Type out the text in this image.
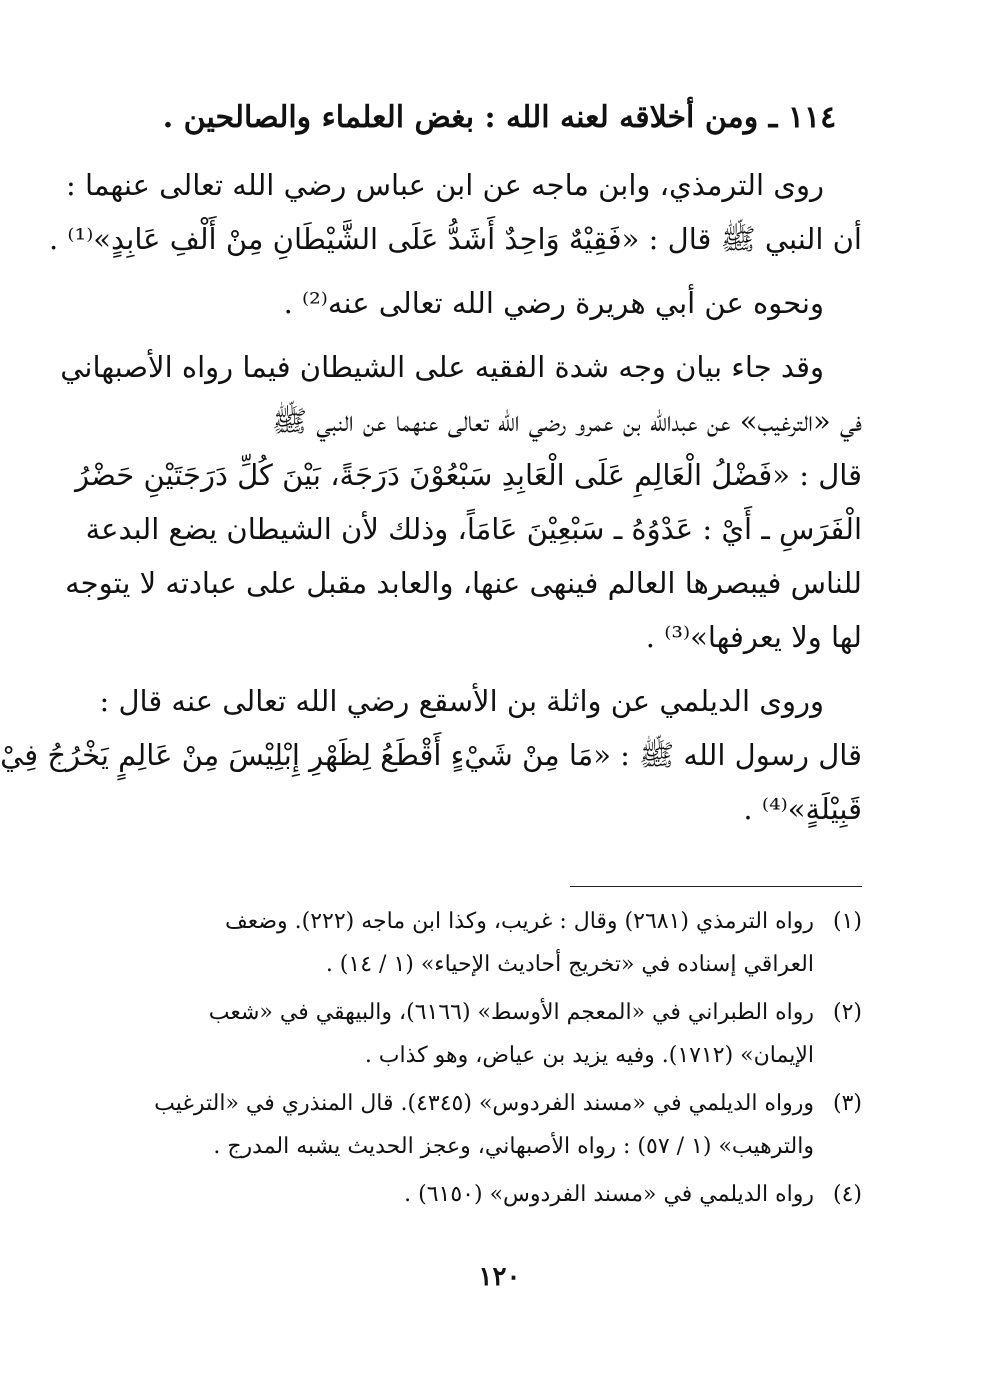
١١٤ ـ ومن أخلاقه لعنه الله : بغض العلماء والصالحين .

روى الترمذي، وابن ماجه عن ابن عباس رضي الله تعالى عنهما :
أن النبي ﷺ قال : «فَقِيْهٌ وَاحِدٌ أَشَدُّ عَلَى الشَّيْطَانِ مِنْ أَلْفِ عَابِدٍ»⁽¹⁾ .

ونحوه عن أبي هريرة رضي الله تعالى عنه⁽²⁾ .

وقد جاء بيان وجه شدة الفقيه على الشيطان فيما رواه الأصبهاني
في «الترغيب» عن عبدالله بن عمرو رضي الله تعالى عنهما عن النبي ﷺ
قال : «فَضْلُ الْعَالِمِ عَلَى الْعَابِدِ سَبْعُوْنَ دَرَجَةً، بَيْنَ كُلِّ دَرَجَتَيْنِ حَضْرُ
الْفَرَسِ ـ أَيْ : عَدْوُهُ ـ سَبْعِيْنَ عَامَاً، وذلك لأن الشيطان يضع البدعة
للناس فيبصرها العالم فينهى عنها، والعابد مقبل على عبادته لا يتوجه
لها ولا يعرفها»⁽³⁾ .

وروى الديلمي عن واثلة بن الأسقع رضي الله تعالى عنه قال :
قال رسول الله ﷺ : «مَا مِنْ شَيْءٍ أَقْطَعُ لِظَهْرِ إِبْلِيْسَ مِنْ عَالِمٍ يَخْرُجُ فِيْ
قَبِيْلَةٍ»⁽⁴⁾ .

(١)
رواه الترمذي (٢٦٨١) وقال : غريب، وكذا ابن ماجه (٢٢٢). وضعف
العراقي إسناده في «تخريج أحاديث الإحياء» (١ / ١٤) .
(٢)
رواه الطبراني في «المعجم الأوسط» (٦١٦٦)، والبيهقي في «شعب
الإيمان» (١٧١٢). وفيه يزيد بن عياض، وهو كذاب .
(٣)
ورواه الديلمي في «مسند الفردوس» (٤٣٤٥). قال المنذري في «الترغيب
والترهيب» (١ / ٥٧) : رواه الأصبهاني، وعجز الحديث يشبه المدرج .
(٤)
رواه الديلمي في «مسند الفردوس» (٦١٥٠) .
١٢٠
